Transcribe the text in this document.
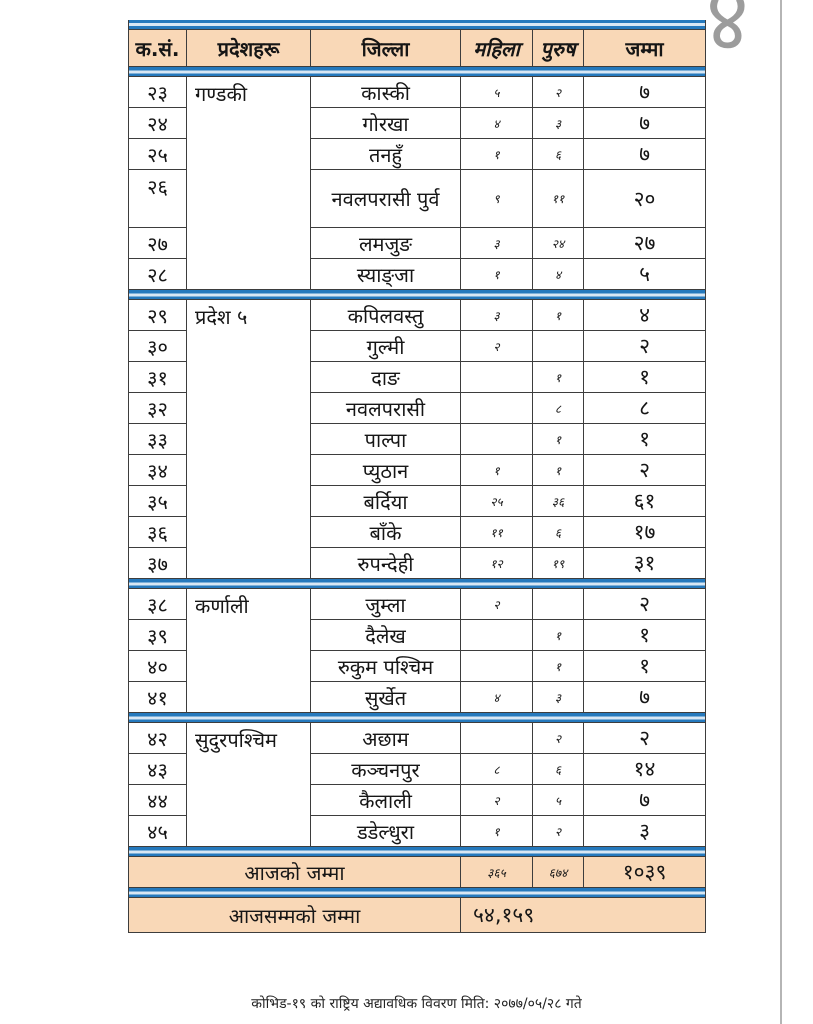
४

क.सं.	प्रदेशहरू	जिल्ला	महिला	पुरुष	जम्मा

२३	गण्डकी	कास्की	५	२	७
२४		गोरखा	४	३	७
२५		तनहुँ	१	६	७
२६		नवलपरासी पुर्व	९	११	२०
२७		लमजुङ	३	२४	२७
२८		स्याङ्जा	१	४	५

२९	प्रदेश ५	कपिलवस्तु	३	१	४
३०		गुल्मी	२		२
३१		दाङ		१	१
३२		नवलपरासी		८	८
३३		पाल्पा		१	१
३४		प्युठान	१	१	२
३५		बर्दिया	२५	३६	६१
३६		बाँके	११	६	१७
३७		रुपन्देही	१२	१९	३१

३८	कर्णाली	जुम्ला	२		२
३९		दैलेख		१	१
४०		रुकुम पश्चिम		१	१
४१		सुर्खेत	४	३	७

४२	सुदुरपश्चिम	अछाम		२	२
४३		कञ्चनपुर	८	६	१४
४४		कैलाली	२	५	७
४५		डडेल्धुरा	१	२	३

आजको जम्मा			३६५	६७४	१०३९

आजसम्मको जम्मा			५४,१५९		
कोभिड-१९ को राष्ट्रिय अद्यावधिक विवरण मिति: २०७७/०५/२८ गते
